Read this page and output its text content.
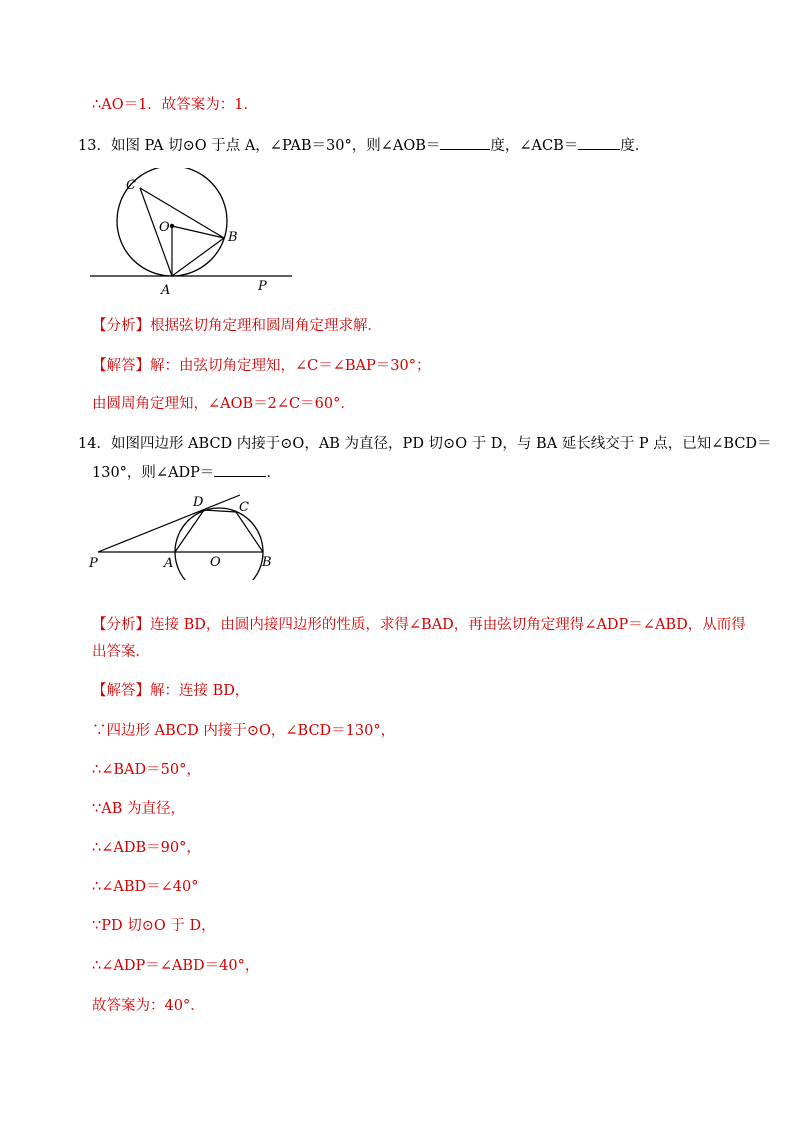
∴AO＝1．故答案为：1．
13．如图 PA 切⊙O 于点 A，∠PAB＝30°，则∠AOB＝	度，∠ACB＝	度．
C
O
B
A	P
【分析】根据弦切角定理和圆周角定理求解．
【解答】解：由弦切角定理知，∠C＝∠BAP＝30°；
由圆周角定理知，∠AOB＝2∠C＝60°．
14．如图四边形 ABCD 内接于⊙O，AB 为直径，PD 切⊙O 于 D，与 BA 延长线交于 P 点，已知∠BCD＝
130°，则∠ADP＝	．
D	C
P	A	O	B
【分析】连接 BD，由圆内接四边形的性质，求得∠BAD，再由弦切角定理得∠ADP＝∠ABD，从而得
出答案．
【解答】解：连接 BD，
∵四边形 ABCD 内接于⊙O，∠BCD＝130°，
∴∠BAD＝50°，
∵AB 为直径，
∴∠ADB＝90°，
∴∠ABD＝∠40°
∵PD 切⊙O 于 D，
∴∠ADP＝∠ABD＝40°，
故答案为：40°．
